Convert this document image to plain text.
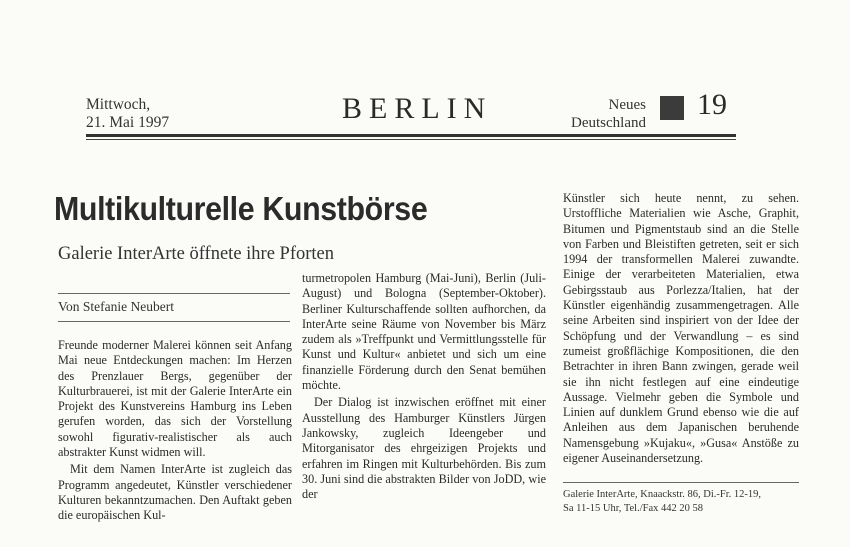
Mittwoch,
21. Mai 1997	BERLIN	Neues
Deutschland
19
Multikulturelle Kunstbörse
Galerie InterArte öffnete ihre Pforten
Von Stefanie Neubert

Freunde moderner Malerei können seit Anfang Mai neue Entdeckungen machen: Im Herzen des Prenzlauer Bergs, gegenüber der Kulturbrauerei, ist mit der Galerie InterArte ein Projekt des Kunstvereins Hamburg ins Leben gerufen worden, das sich der Vorstellung sowohl figurativ-realistischer als auch abstrakter Kunst widmen will.

Mit dem Namen InterArte ist zugleich das Programm angedeutet, Künstler verschiedener Kulturen bekanntzumachen. Den Auftakt geben die europäischen Kul-

turmetropolen Hamburg (Mai-Juni), Berlin (Juli-August) und Bologna (September-Oktober). Berliner Kulturschaffende sollten aufhorchen, da InterArte seine Räume von November bis März zudem als »Treffpunkt und Vermittlungsstelle für Kunst und Kultur« anbietet und sich um eine finanzielle Förderung durch den Senat bemühen möchte.

Der Dialog ist inzwischen eröffnet mit einer Ausstellung des Hamburger Künstlers Jürgen Jankowsky, zugleich Ideengeber und Mitorganisator des ehrgeizigen Projekts und erfahren im Ringen mit Kulturbehörden. Bis zum 30. Juni sind die abstrakten Bilder von JoDD, wie der

Künstler sich heute nennt, zu sehen. Urstoffliche Materialien wie Asche, Graphit, Bitumen und Pigmentstaub sind an die Stelle von Farben und Bleistiften getreten, seit er sich 1994 der transformellen Malerei zuwandte. Einige der verarbeiteten Materialien, etwa Gebirgsstaub aus Porlezza/Italien, hat der Künstler eigenhändig zusammengetragen. Alle seine Arbeiten sind inspiriert von der Idee der Schöpfung und der Verwandlung – es sind zumeist großflächige Kompositionen, die den Betrachter in ihren Bann zwingen, gerade weil sie ihn nicht festlegen auf eine eindeutige Aussage. Vielmehr geben die Symbole und Linien auf dunklem Grund ebenso wie die auf Anleihen aus dem Japanischen beruhende Namensgebung »Kujaku«, »Gusa« Anstöße zu eigener Auseinandersetzung.

Galerie InterArte, Knaackstr. 86, Di.-Fr. 12-19,
Sa 11-15 Uhr, Tel./Fax 442 20 58
